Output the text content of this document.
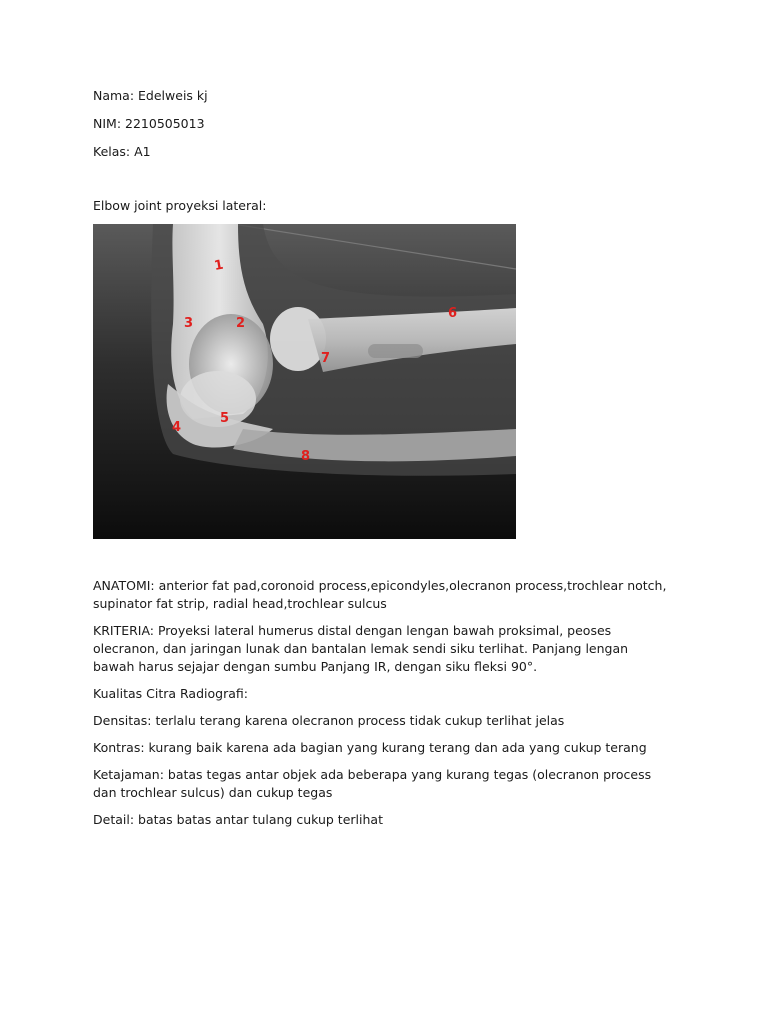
Nama: Edelweis kj
NIM: 2210505013
Kelas: A1
Elbow joint proyeksi lateral:
1
2
3
4
5
6
7
8
ANATOMI: anterior fat pad,coronoid process,epicondyles,olecranon process,trochlear notch, supinator fat strip, radial head,trochlear sulcus
KRITERIA: Proyeksi lateral humerus distal dengan lengan bawah proksimal, peoses olecranon, dan jaringan lunak dan bantalan lemak sendi siku terlihat. Panjang lengan bawah harus sejajar dengan sumbu Panjang IR, dengan siku fleksi 90°.
Kualitas Citra Radiografi:
Densitas: terlalu terang karena olecranon process tidak cukup terlihat jelas
Kontras: kurang baik karena ada bagian yang kurang terang dan ada yang cukup terang
Ketajaman: batas tegas antar objek ada beberapa yang kurang tegas (olecranon process dan trochlear sulcus) dan cukup tegas
Detail: batas batas antar tulang cukup terlihat
